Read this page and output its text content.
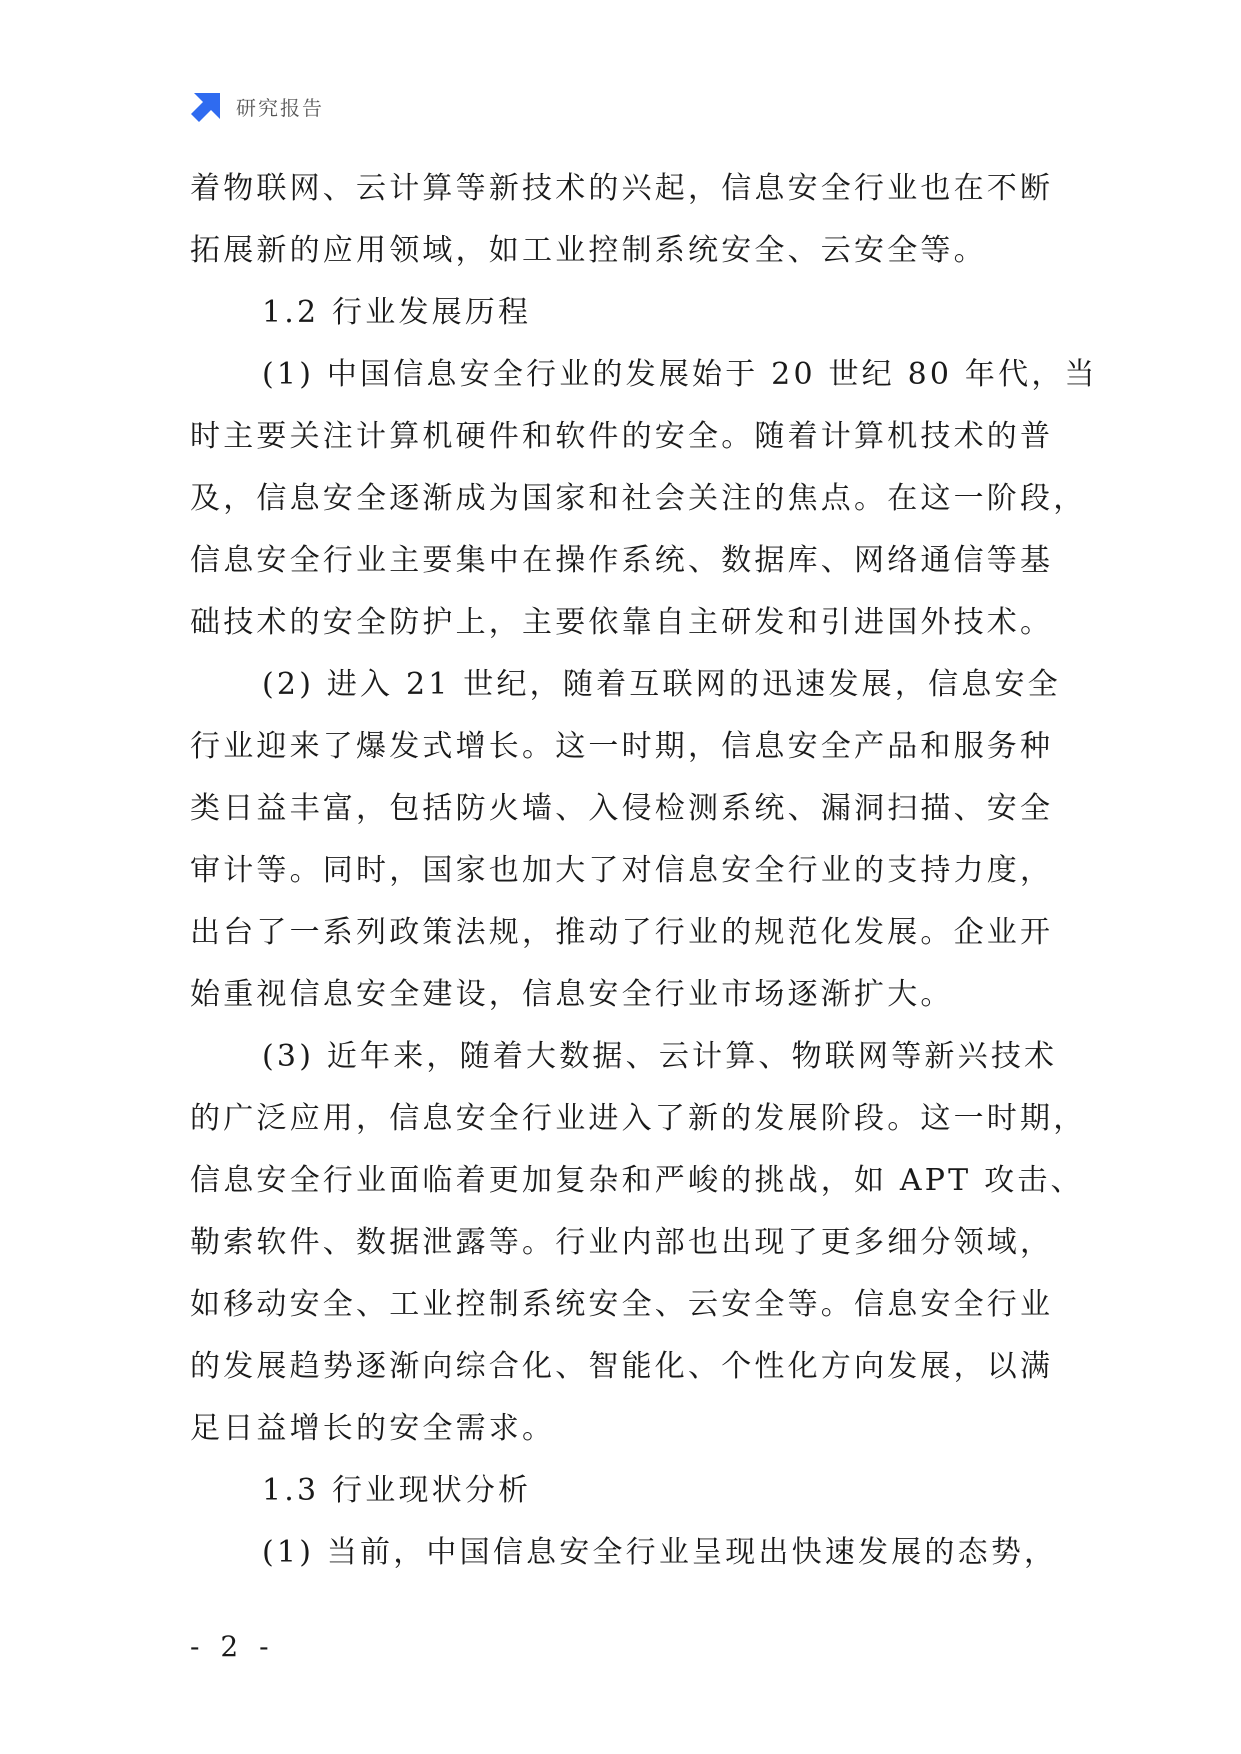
研究报告
着物联网、云计算等新技术的兴起，信息安全行业也在不断
拓展新的应用领域，如工业控制系统安全、云安全等。
1.2 行业发展历程
(1) 中国信息安全行业的发展始于 20 世纪 80 年代，当
时主要关注计算机硬件和软件的安全。随着计算机技术的普
及，信息安全逐渐成为国家和社会关注的焦点。在这一阶段，
信息安全行业主要集中在操作系统、数据库、网络通信等基
础技术的安全防护上，主要依靠自主研发和引进国外技术。
(2) 进入 21 世纪，随着互联网的迅速发展，信息安全
行业迎来了爆发式增长。这一时期，信息安全产品和服务种
类日益丰富，包括防火墙、入侵检测系统、漏洞扫描、安全
审计等。同时，国家也加大了对信息安全行业的支持力度，
出台了一系列政策法规，推动了行业的规范化发展。企业开
始重视信息安全建设，信息安全行业市场逐渐扩大。
(3) 近年来，随着大数据、云计算、物联网等新兴技术
的广泛应用，信息安全行业进入了新的发展阶段。这一时期，
信息安全行业面临着更加复杂和严峻的挑战，如 APT 攻击、
勒索软件、数据泄露等。行业内部也出现了更多细分领域，
如移动安全、工业控制系统安全、云安全等。信息安全行业
的发展趋势逐渐向综合化、智能化、个性化方向发展，以满
足日益增长的安全需求。
1.3 行业现状分析
(1) 当前，中国信息安全行业呈现出快速发展的态势，
- 2 -
